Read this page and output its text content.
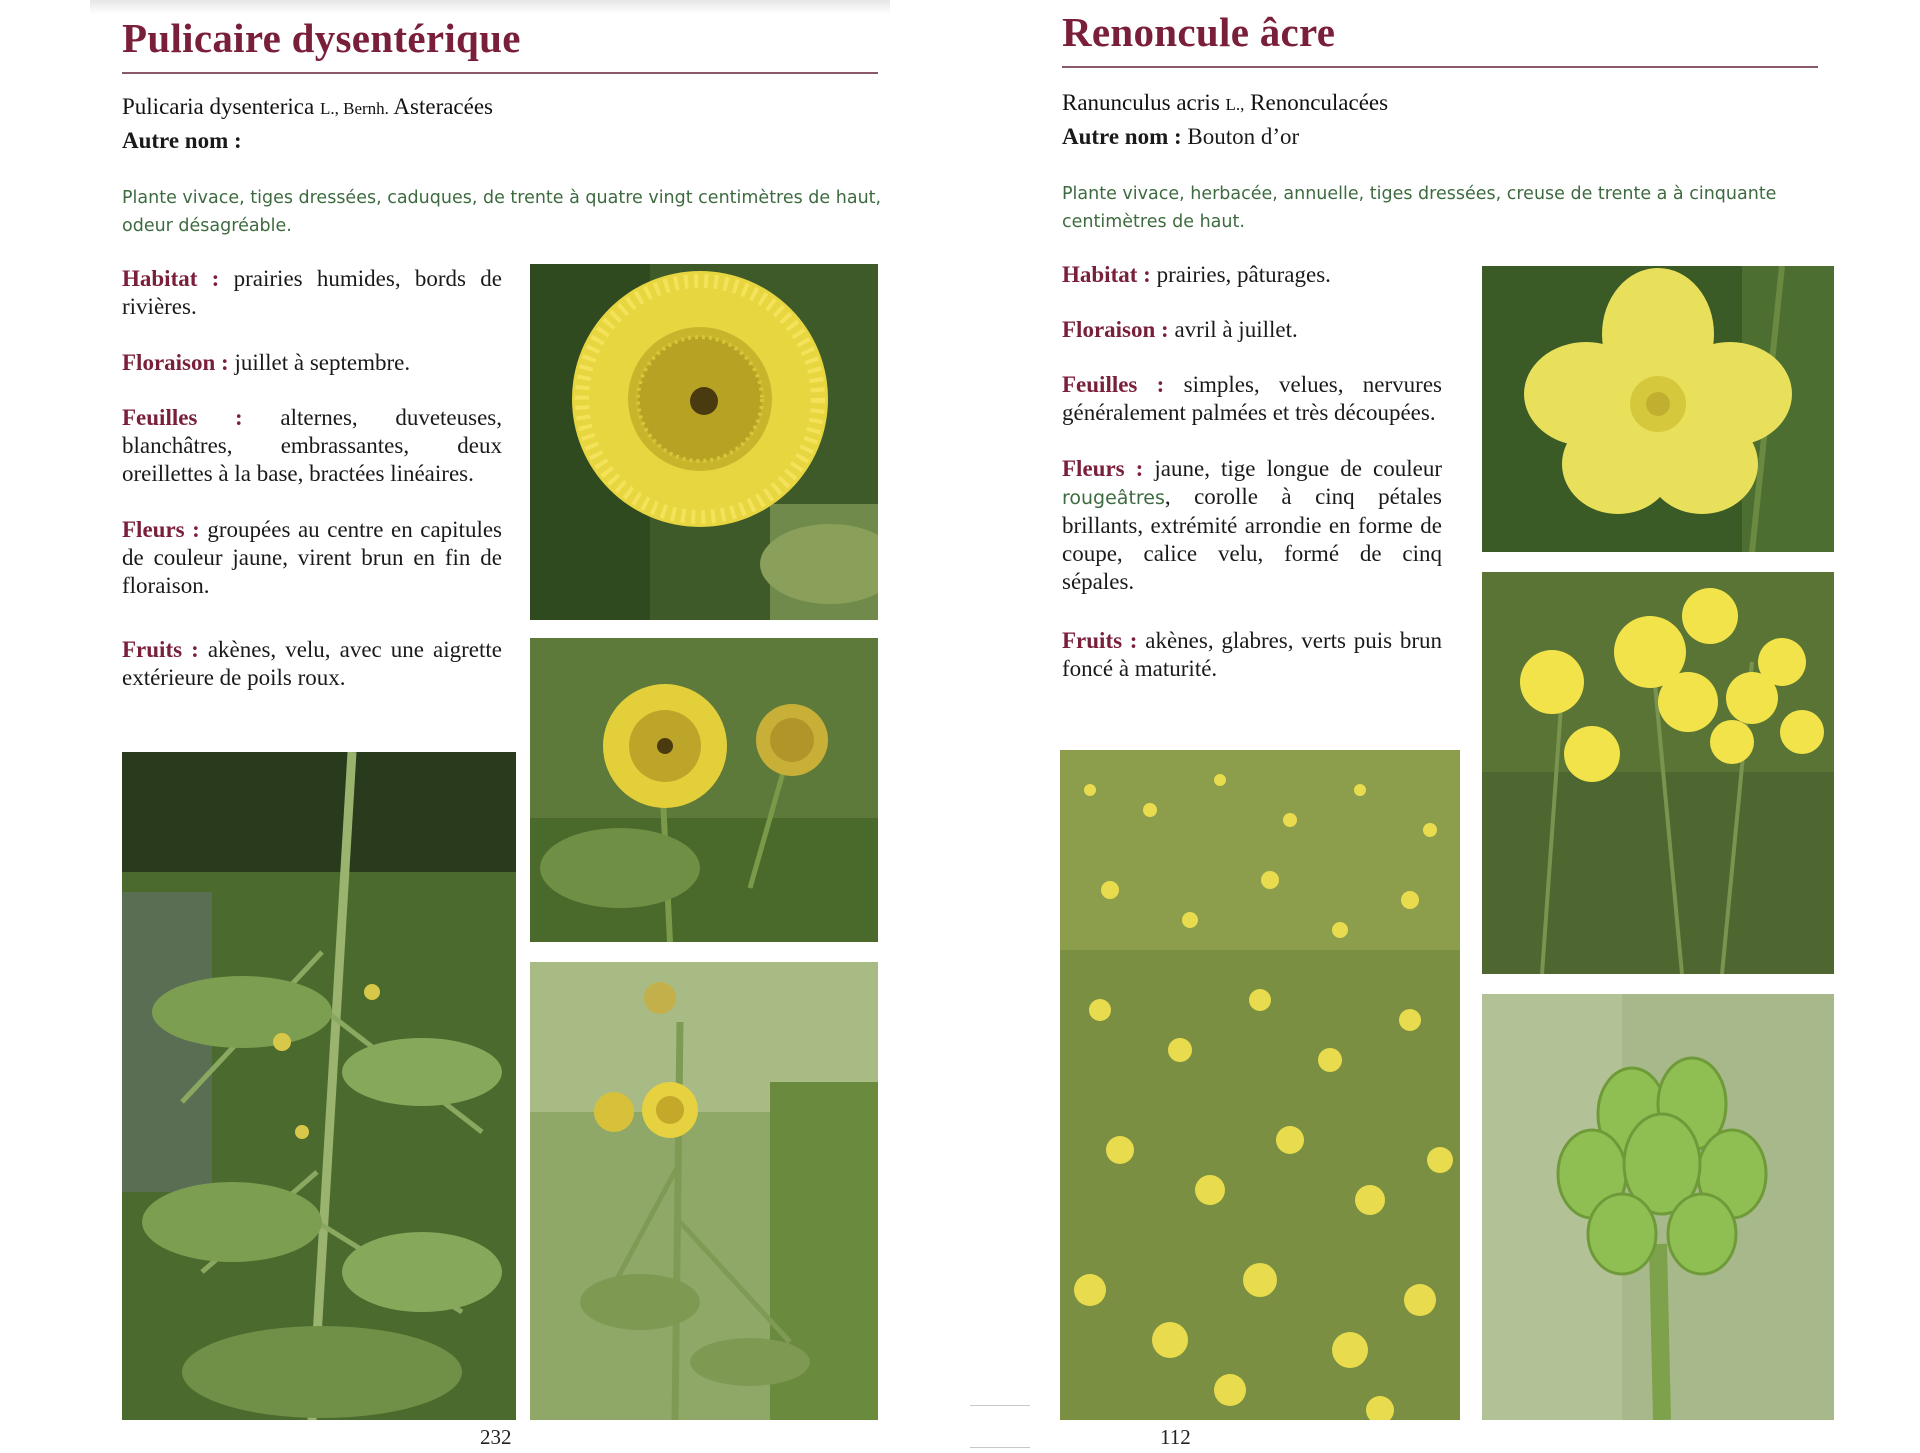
Pulicaire dysentérique
Pulicaria dysenterica L., Bernh. Asteracées
Autre nom :
Plante vivace, tiges dressées, caduques, de trente à quatre vingt centimètres de haut, odeur désagréable.
Habitat : prairies humides, bords de rivières.
Floraison : juillet à septembre.
Feuilles : alternes, duveteuses, blanchâtres, embrassantes, deux oreillettes à la base, bractées linéaires.
Fleurs : groupées au centre en capitules de couleur jaune, virent brun en fin de floraison.
Fruits : akènes, velu, avec une aigrette extérieure de poils roux.
232
Renoncule âcre
Ranunculus acris L., Renonculacées
Autre nom : Bouton d’or
Plante vivace, herbacée, annuelle, tiges dressées, creuse de trente a à cinquante centimètres de haut.
Habitat : prairies, pâturages.
Floraison : avril à juillet.
Feuilles : simples, velues, nervures généralement palmées et très découpées.
Fleurs : jaune, tige longue de couleur rougeâtres, corolle à cinq pétales brillants, extrémité arrondie en forme de coupe, calice velu, formé de cinq sépales.
Fruits : akènes, glabres, verts puis brun foncé à maturité.
112
